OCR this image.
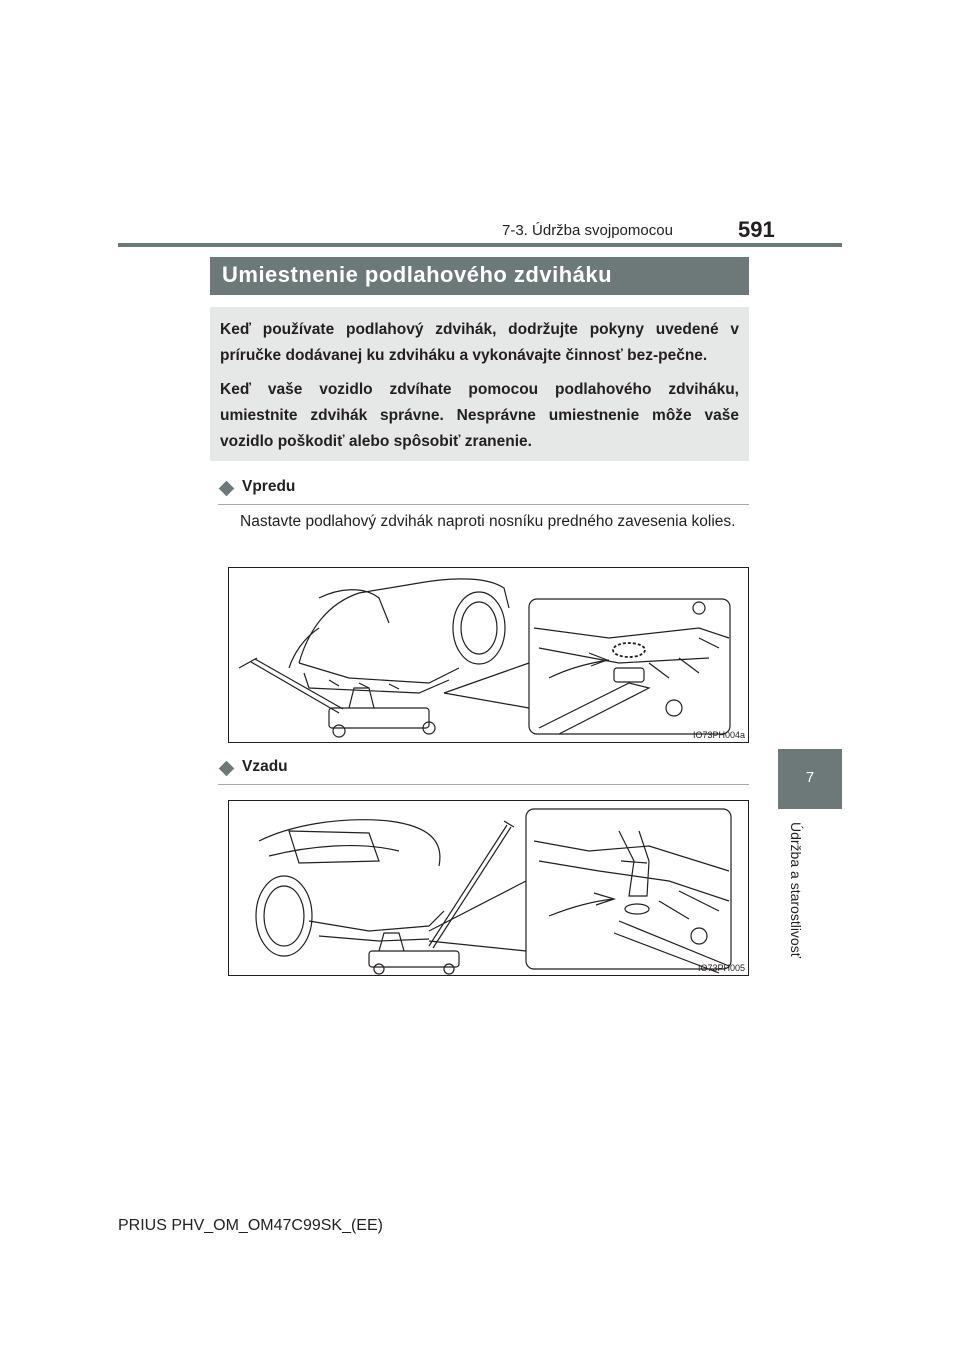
7-3. Údržba svojpomocou	591
7
Údržba a starostlivosť
Umiestnenie podlahového zdviháku

Keď používate podlahový zdvihák, dodržujte pokyny uvedené v príručke dodávanej ku zdviháku a vykonávajte činnosť bez-pečne.

Keď vaše vozidlo zdvíhate pomocou podlahového zdviháku, umiestnite zdvihák správne. Nesprávne umiestnenie môže vaše vozidlo poškodiť alebo spôsobiť zranenie.

Vpredu

Nastavte podlahový zdvihák naproti nosníku predného zavesenia kolies.

IO73PH004a
Vzadu
IO73PH005
PRIUS PHV_OM_OM47C99SK_(EE)
